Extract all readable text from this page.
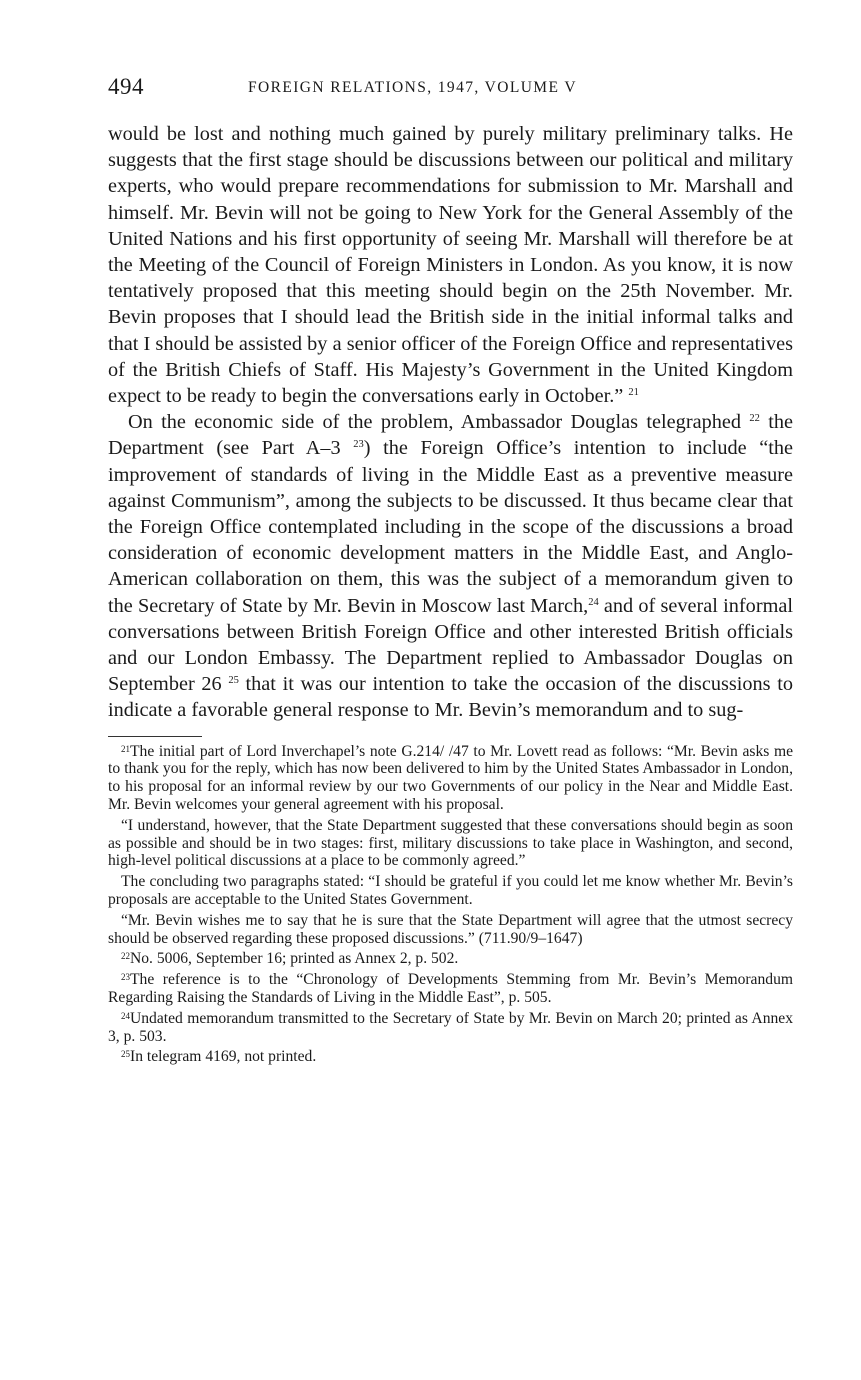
494	FOREIGN RELATIONS, 1947, VOLUME V

would be lost and nothing much gained by purely military preliminary talks. He suggests that the first stage should be discussions between our political and military experts, who would prepare recommendations for submission to Mr. Marshall and himself. Mr. Bevin will not be going to New York for the General Assembly of the United Nations and his first opportunity of seeing Mr. Marshall will therefore be at the Meeting of the Council of Foreign Ministers in London. As you know, it is now tentatively proposed that this meeting should begin on the 25th November. Mr. Bevin proposes that I should lead the British side in the initial informal talks and that I should be assisted by a senior officer of the Foreign Office and representatives of the British Chiefs of Staff. His Majesty’s Government in the United Kingdom expect to be ready to begin the conversations early in October.” $^{21}$

On the economic side of the problem, Ambassador Douglas telegraphed $^{22}$ the Department (see Part A–3 $^{23}$) the Foreign Office’s intention to include “the improvement of standards of living in the Middle East as a preventive measure against Communism”, among the subjects to be discussed. It thus became clear that the Foreign Office contemplated including in the scope of the discussions a broad consideration of economic development matters in the Middle East, and Anglo-American collaboration on them, this was the subject of a memorandum given to the Secretary of State by Mr. Bevin in Moscow last March,$^{24}$ and of several informal conversations between British Foreign Office and other interested British officials and our London Embassy. The Department replied to Ambassador Douglas on September 26 $^{25}$ that it was our intention to take the occasion of the discussions to indicate a favorable general response to Mr. Bevin’s memorandum and to sug-

$^{21}$The initial part of Lord Inverchapel’s note G.214/ /47 to Mr. Lovett read as follows: “Mr. Bevin asks me to thank you for the reply, which has now been delivered to him by the United States Ambassador in London, to his proposal for an informal review by our two Governments of our policy in the Near and Middle East. Mr. Bevin welcomes your general agreement with his proposal.

“I understand, however, that the State Department suggested that these conversations should begin as soon as possible and should be in two stages: first, military discussions to take place in Washington, and second, high-level political discussions at a place to be commonly agreed.”

The concluding two paragraphs stated: “I should be grateful if you could let me know whether Mr. Bevin’s proposals are acceptable to the United States Government.

“Mr. Bevin wishes me to say that he is sure that the State Department will agree that the utmost secrecy should be observed regarding these proposed discussions.” (711.90/9–1647)

$^{22}$No. 5006, September 16; printed as Annex 2, p. 502.

$^{23}$The reference is to the “Chronology of Developments Stemming from Mr. Bevin’s Memorandum Regarding Raising the Standards of Living in the Middle East”, p. 505.

$^{24}$Undated memorandum transmitted to the Secretary of State by Mr. Bevin on March 20; printed as Annex 3, p. 503.

$^{25}$In telegram 4169, not printed.
